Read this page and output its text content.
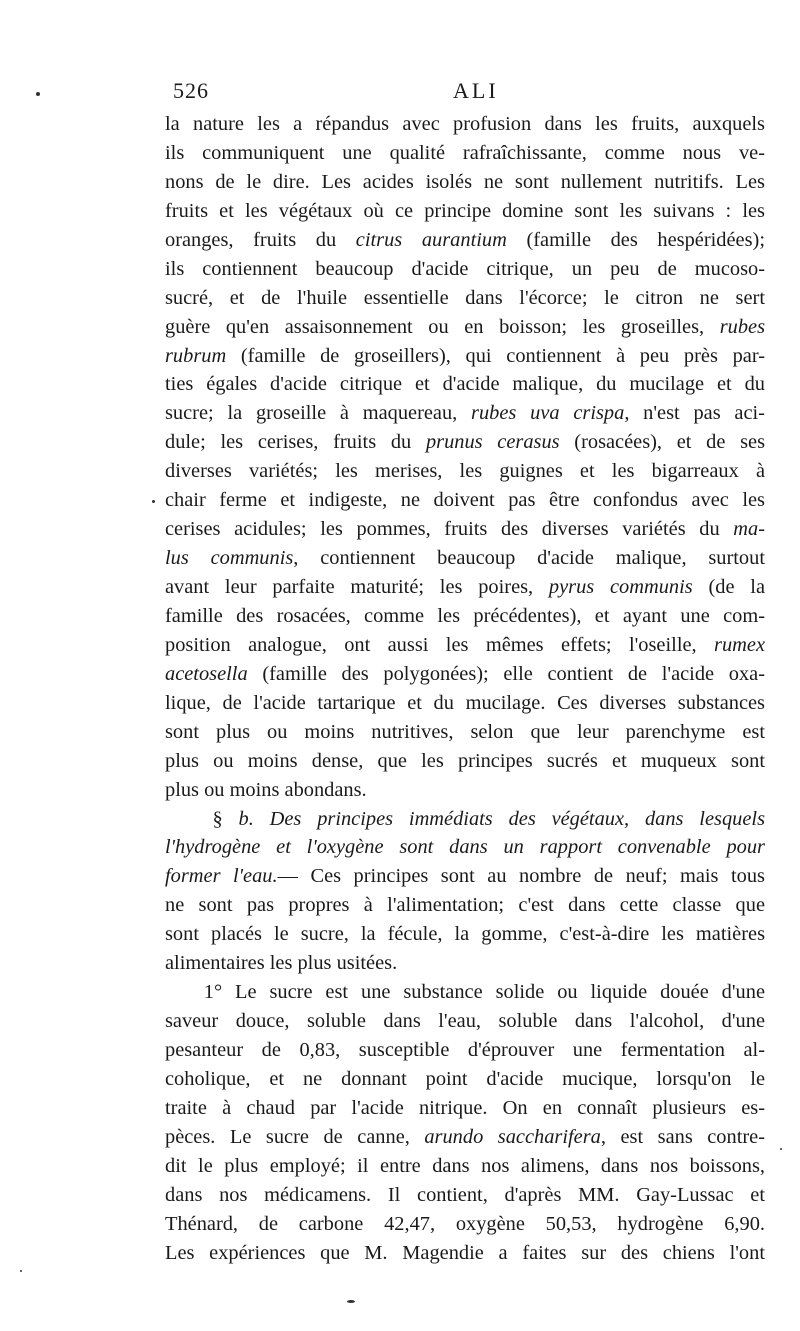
526	ALI
la nature les a répandus avec profusion dans les fruits, auxquels
ils communiquent une qualité rafraîchissante, comme nous ve-
nons de le dire. Les acides isolés ne sont nullement nutritifs. Les
fruits et les végétaux où ce principe domine sont les suivans : les
oranges, fruits du citrus aurantium (famille des hespéridées);
ils contiennent beaucoup d'acide citrique, un peu de mucoso-
sucré, et de l'huile essentielle dans l'écorce; le citron ne sert
guère qu'en assaisonnement ou en boisson; les groseilles, rubes
rubrum (famille de groseillers), qui contiennent à peu près par-
ties égales d'acide citrique et d'acide malique, du mucilage et du
sucre; la groseille à maquereau, rubes uva crispa, n'est pas aci-
dule; les cerises, fruits du prunus cerasus (rosacées), et de ses
diverses variétés; les merises, les guignes et les bigarreaux à
chair ferme et indigeste, ne doivent pas être confondus avec les
cerises acidules; les pommes, fruits des diverses variétés du ma-
lus communis, contiennent beaucoup d'acide malique, surtout
avant leur parfaite maturité; les poires, pyrus communis (de la
famille des rosacées, comme les précédentes), et ayant une com-
position analogue, ont aussi les mêmes effets; l'oseille, rumex
acetosella (famille des polygonées); elle contient de l'acide oxa-
lique, de l'acide tartarique et du mucilage. Ces diverses substances
sont plus ou moins nutritives, selon que leur parenchyme est
plus ou moins dense, que les principes sucrés et muqueux sont
plus ou moins abondans.
§ b. Des principes immédiats des végétaux, dans lesquels
l'hydrogène et l'oxygène sont dans un rapport convenable pour
former l'eau.— Ces principes sont au nombre de neuf; mais tous
ne sont pas propres à l'alimentation; c'est dans cette classe que
sont placés le sucre, la fécule, la gomme, c'est-à-dire les matières
alimentaires les plus usitées.
1° Le sucre est une substance solide ou liquide douée d'une
saveur douce, soluble dans l'eau, soluble dans l'alcohol, d'une
pesanteur de 0,83, susceptible d'éprouver une fermentation al-
coholique, et ne donnant point d'acide mucique, lorsqu'on le
traite à chaud par l'acide nitrique. On en connaît plusieurs es-
pèces. Le sucre de canne, arundo saccharifera, est sans contre-
dit le plus employé; il entre dans nos alimens, dans nos boissons,
dans nos médicamens. Il contient, d'après MM. Gay-Lussac et
Thénard, de carbone 42,47, oxygène 50,53, hydrogène 6,90.
Les expériences que M. Magendie a faites sur des chiens l'ont
